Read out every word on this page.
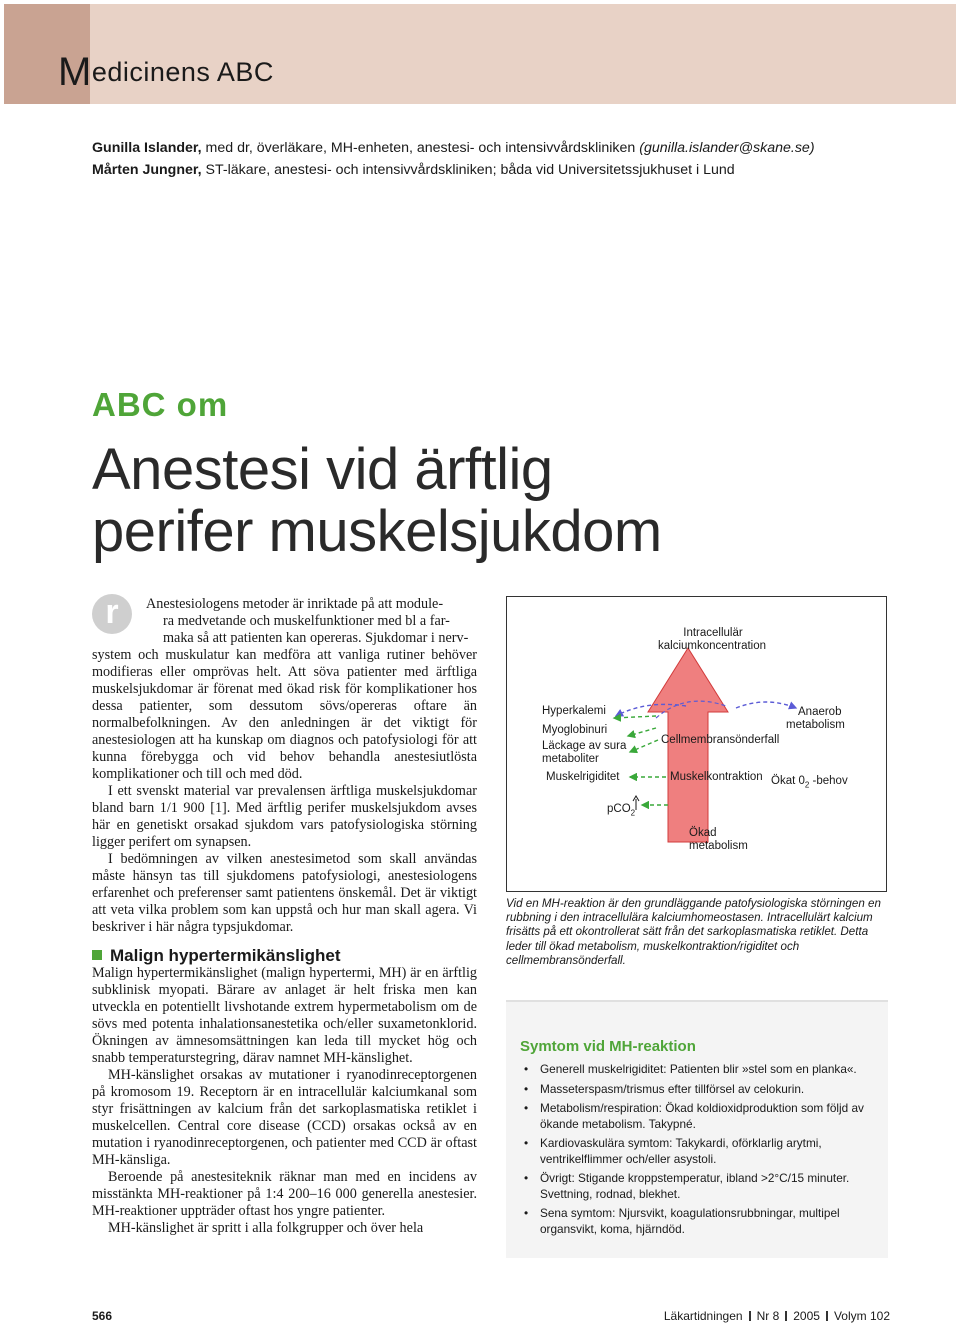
Medicinens ABC
Gunilla Islander, med dr, överläkare, MH-enheten, anestesi- och intensivvårdskliniken (gunilla.islander@skane.se)
Mårten Jungner, ST-läkare, anestesi- och intensivvårdskliniken; båda vid Universitetssjukhuset i Lund
ABC om
Anestesi vid ärftlig
perifer muskelsjukdom
r	Anestesiologens metoder är inriktade på att module-
ra medvetande och muskelfunktioner med bl a far-
maka så att patienten kan opereras. Sjukdomar i nerv-

system och muskulatur kan medföra att vanliga rutiner behöver modifieras eller omprövas helt. Att söva patienter med ärftliga muskelsjukdomar är förenat med ökad risk för komplikationer hos dessa patienter, som dessutom sövs/opereras oftare än normalbefolkningen. Av den anledningen är det viktigt för anestesiologen att ha kunskap om diagnos och patofysiologi för att kunna förebygga och vid behov behandla anestesiutlösta komplikationer och till och med död.

I ett svenskt material var prevalensen ärftliga muskelsjukdomar bland barn 1/1 900 [1]. Med ärftlig perifer muskelsjukdom avses här en genetiskt orsakad sjukdom vars patofysiologiska störning ligger perifert om synapsen.

I bedömningen av vilken anestesimetod som skall användas måste hänsyn tas till sjukdomens patofysiologi, anestesiologens erfarenhet och preferenser samt patientens önskemål. Det är viktigt att veta vilka problem som kan uppstå och hur man skall agera. Vi beskriver i här några typsjukdomar.

Malign hypertermikänslighet

Malign hypertermikänslighet (malign hypertermi, MH) är en ärftlig subklinisk myopati. Bärare av anlaget är helt friska men kan utveckla en potentiellt livshotande extrem hypermetabolism om de sövs med potenta inhalationsanestetika och/eller suxametonklorid. Ökningen av ämnesomsättningen kan leda till mycket hög och snabb temperaturstegring, därav namnet MH-känslighet.

MH-känslighet orsakas av mutationer i ryanodinreceptorgenen på kromosom 19. Receptorn är en intracellulär kalciumkanal som styr frisättningen av kalcium från det sarkoplasmatiska retiklet i muskelcellen. Central core disease (CCD) orsakas också av en mutation i ryanodinreceptorgenen, och patienter med CCD är oftast MH-känsliga.

Beroende på anestesiteknik räknar man med en incidens av misstänkta MH-reaktioner på 1:4 200–16 000 generella anestesier. MH-reaktioner uppträder oftast hos yngre patienter.

MH-känslighet är spritt i alla folkgrupper och över hela

Intracellulär
kalciumkoncentration
Hyperkalemi
Myoglobinuri
Läckage av sura
metaboliter
Muskelrigiditet
Anaerob
metabolism
Cellmembransönderfall
Muskelkontraktion Ökat $0_2$ -behov
pCO$_2$
Ökad
metabolism
Vid en MH-reaktion är den grundläggande patofysiologiska störningen en rubbning i den intracellulära kalciumhomeostasen. Intracellulärt kalcium frisätts på ett okontrollerat sätt från det sarkoplasmatiska retiklet. Detta leder till ökad metabolism, muskelkontraktion/rigiditet och cellmembransönderfall.
Symtom vid MH-reaktion
• Generell muskelrigiditet: Patienten blir »stel som en planka«.
• Masseterspasm/trismus efter tillförsel av celokurin.
• Metabolism/respiration: Ökad koldioxidproduktion som följd av ökande metabolism. Takypné.
• Kardiovaskulära symtom: Takykardi, oförklarlig arytmi, ventrikelflimmer och/eller asystoli.
• Övrigt: Stigande kroppstemperatur, ibland >2°C/15 minuter. Svettning, rodnad, blekhet.
• Sena symtom: Njursvikt, koagulationsrubbningar, multipel organsvikt, koma, hjärndöd.
566	Läkartidningen Nr 8 2005 Volym 102
